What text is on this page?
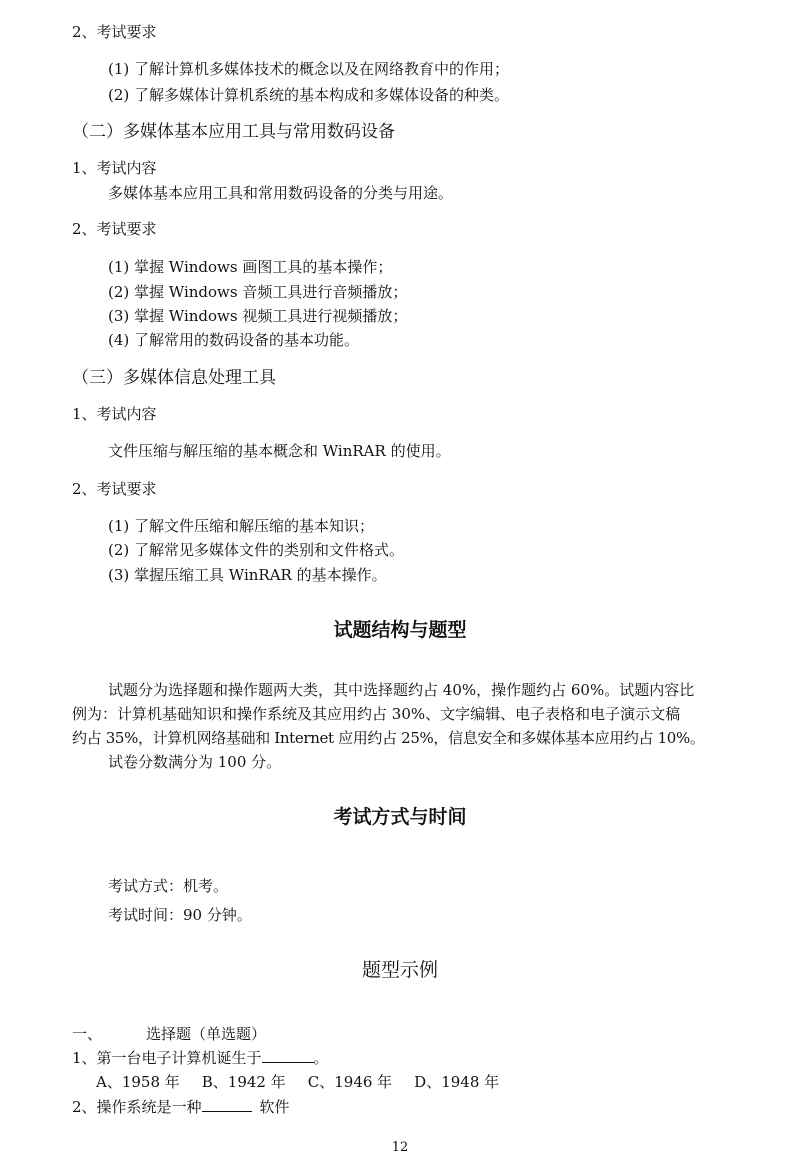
2、考试要求
(1) 了解计算机多媒体技术的概念以及在网络教育中的作用；
(2) 了解多媒体计算机系统的基本构成和多媒体设备的种类。
（二）多媒体基本应用工具与常用数码设备
1、考试内容
多媒体基本应用工具和常用数码设备的分类与用途。
2、考试要求
(1) 掌握 Windows 画图工具的基本操作；
(2) 掌握 Windows 音频工具进行音频播放；
(3) 掌握 Windows 视频工具进行视频播放；
(4) 了解常用的数码设备的基本功能。
（三）多媒体信息处理工具
1、考试内容
文件压缩与解压缩的基本概念和 WinRAR 的使用。
2、考试要求
(1) 了解文件压缩和解压缩的基本知识；
(2) 了解常见多媒体文件的类别和文件格式。
(3) 掌握压缩工具 WinRAR 的基本操作。
试题结构与题型

试题分为选择题和操作题两大类，其中选择题约占 40%，操作题约占 60%。试题内容比

例为：计算机基础知识和操作系统及其应用约占 30%、文字编辑、电子表格和电子演示文稿

约占 35%，计算机网络基础和 Internet 应用约占 25%，信息安全和多媒体基本应用约占 10%。

试卷分数满分为 100 分。

考试方式与时间
考试方式：机考。
考试时间：90 分钟。
题型示例
一、	选择题（单选题）
1、第一台电子计算机诞生于	。
A、1958 年 B、1942 年 C、1946 年 D、1948 年
2、操作系统是一种	软件
12
